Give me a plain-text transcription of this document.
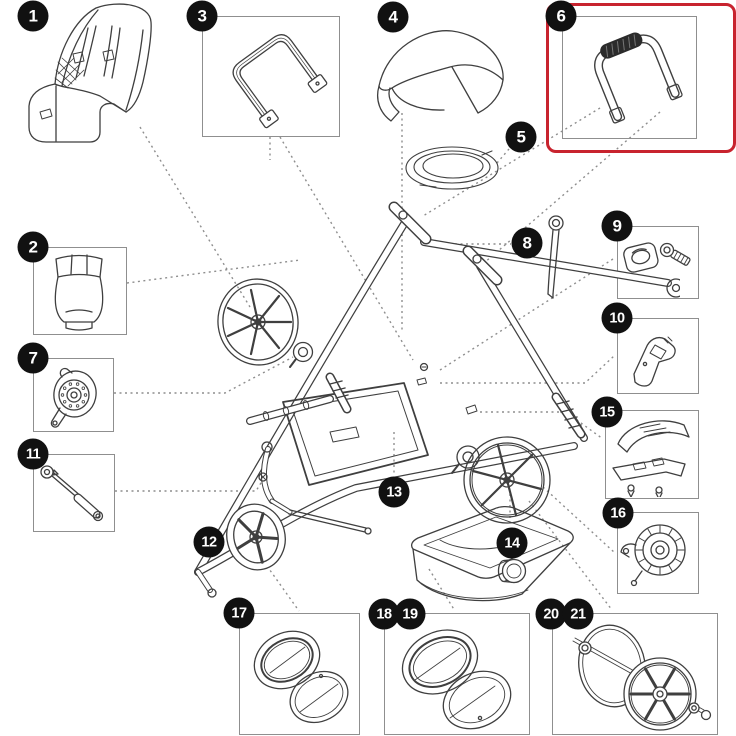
1
2
3	4
5
6
7
8
9
10
11
12
13
14
15
16
17	18 19	20 21
